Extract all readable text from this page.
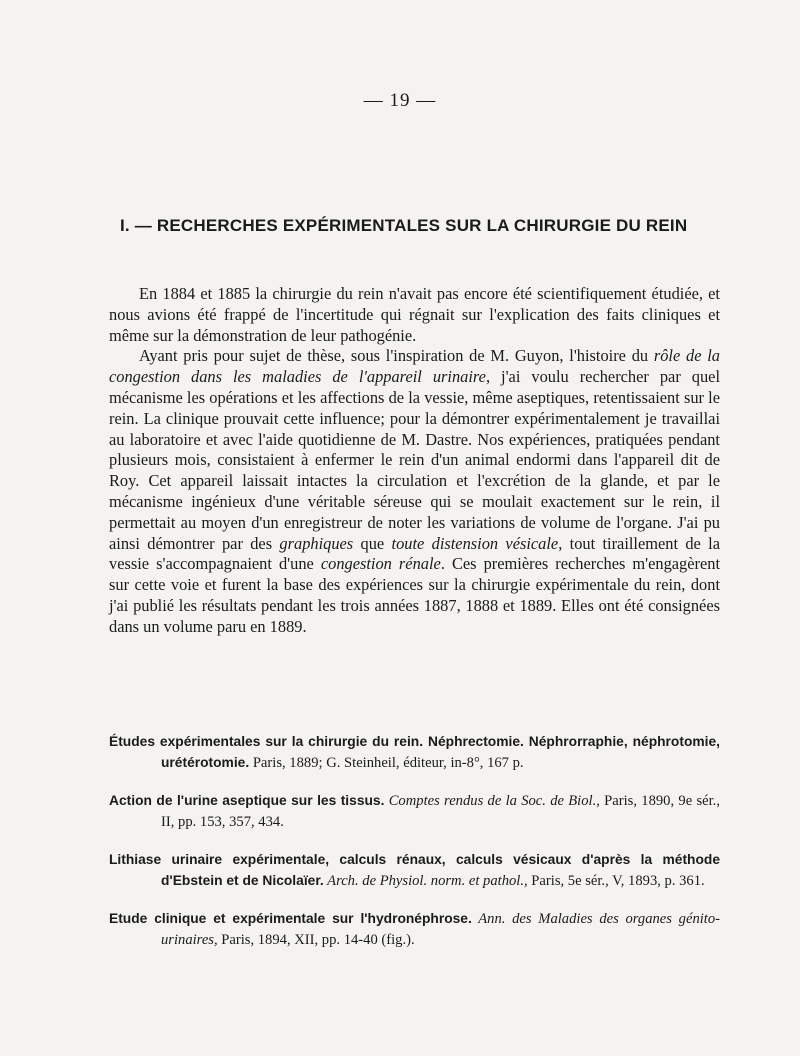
— 19 —
I. — RECHERCHES EXPÉRIMENTALES SUR LA CHIRURGIE DU REIN

En 1884 et 1885 la chirurgie du rein n'avait pas encore été scientifiquement étudiée, et nous avions été frappé de l'incertitude qui régnait sur l'explication des faits cliniques et même sur la démonstration de leur pathogénie.

Ayant pris pour sujet de thèse, sous l'inspiration de M. Guyon, l'histoire du rôle de la congestion dans les maladies de l'appareil urinaire, j'ai voulu rechercher par quel mécanisme les opérations et les affections de la vessie, même aseptiques, retentissaient sur le rein. La clinique prouvait cette influence; pour la démontrer expérimentalement je travaillai au laboratoire et avec l'aide quotidienne de M. Dastre. Nos expériences, pratiquées pendant plusieurs mois, consistaient à enfermer le rein d'un animal endormi dans l'appareil dit de Roy. Cet appareil laissait intactes la circulation et l'excrétion de la glande, et par le mécanisme ingénieux d'une véritable séreuse qui se moulait exactement sur le rein, il permettait au moyen d'un enregistreur de noter les variations de volume de l'organe. J'ai pu ainsi démontrer par des graphiques que toute distension vésicale, tout tiraillement de la vessie s'accompagnaient d'une congestion rénale. Ces premières recherches m'engagèrent sur cette voie et furent la base des expériences sur la chirurgie expérimentale du rein, dont j'ai publié les résultats pendant les trois années 1887, 1888 et 1889. Elles ont été consignées dans un volume paru en 1889.

Études expérimentales sur la chirurgie du rein. Néphrectomie. Néphrorraphie, néphrotomie, urétérotomie. Paris, 1889; G. Steinheil, éditeur, in-8°, 167 p.
Action de l'urine aseptique sur les tissus. Comptes rendus de la Soc. de Biol., Paris, 1890, 9e sér., II, pp. 153, 357, 434.
Lithiase urinaire expérimentale, calculs rénaux, calculs vésicaux d'après la méthode d'Ebstein et de Nicolaïer. Arch. de Physiol. norm. et pathol., Paris, 5e sér., V, 1893, p. 361.
Etude clinique et expérimentale sur l'hydronéphrose. Ann. des Maladies des organes génito-urinaires, Paris, 1894, XII, pp. 14-40 (fig.).
